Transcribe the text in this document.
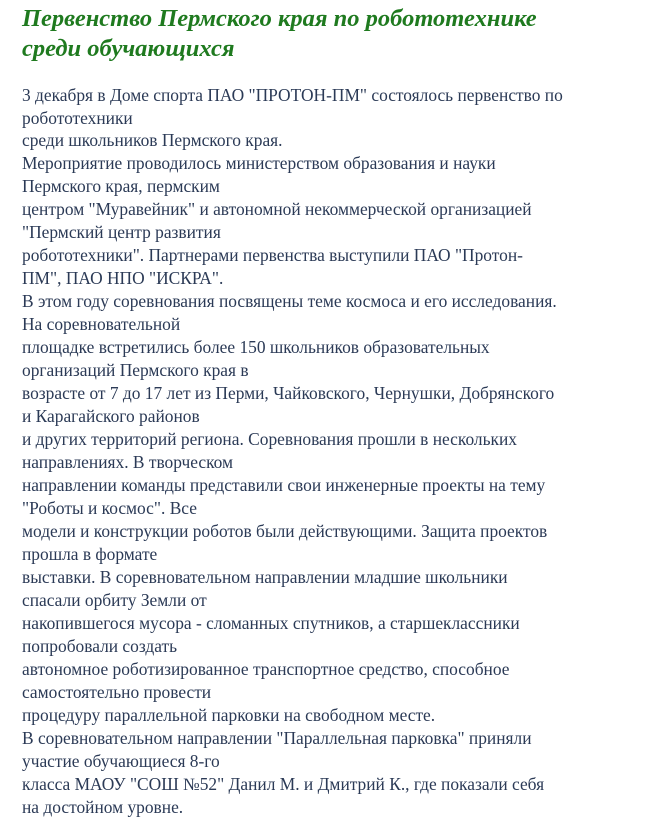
Первенство Пермского края по робототехнике
среди обучающихся
3 декабря в Доме спорта ПАО "ПРОТОН-ПМ" состоялось первенство по
робототехники
среди школьников Пермского края.
Мероприятие проводилось министерством образования и науки
Пермского края, пермским
центром "Муравейник" и автономной некоммерческой организацией
"Пермский центр развития
робототехники". Партнерами первенства выступили ПАО "Протон-
ПМ", ПАО НПО "ИСКРА".
В этом году соревнования посвящены теме космоса и его исследования.
На соревновательной
площадке встретились более 150 школьников образовательных
организаций Пермского края в
возрасте от 7 до 17 лет из Перми, Чайковского, Чернушки, Добрянского
и Карагайского районов
и других территорий региона. Соревнования прошли в нескольких
направлениях. В творческом
направлении команды представили свои инженерные проекты на тему
"Роботы и космос". Все
модели и конструкции роботов были действующими. Защита проектов
прошла в формате
выставки. В соревновательном направлении младшие школьники
спасали орбиту Земли от
накопившегося мусора - сломанных спутников, а старшеклассники
попробовали создать
автономное роботизированное транспортное средство, способное
самостоятельно провести
процедуру параллельной парковки на свободном месте.
В соревновательном направлении "Параллельная парковка" приняли
участие обучающиеся 8-го
класса МАОУ "СОШ №52" Данил М. и Дмитрий К., где показали себя
на достойном уровне.
